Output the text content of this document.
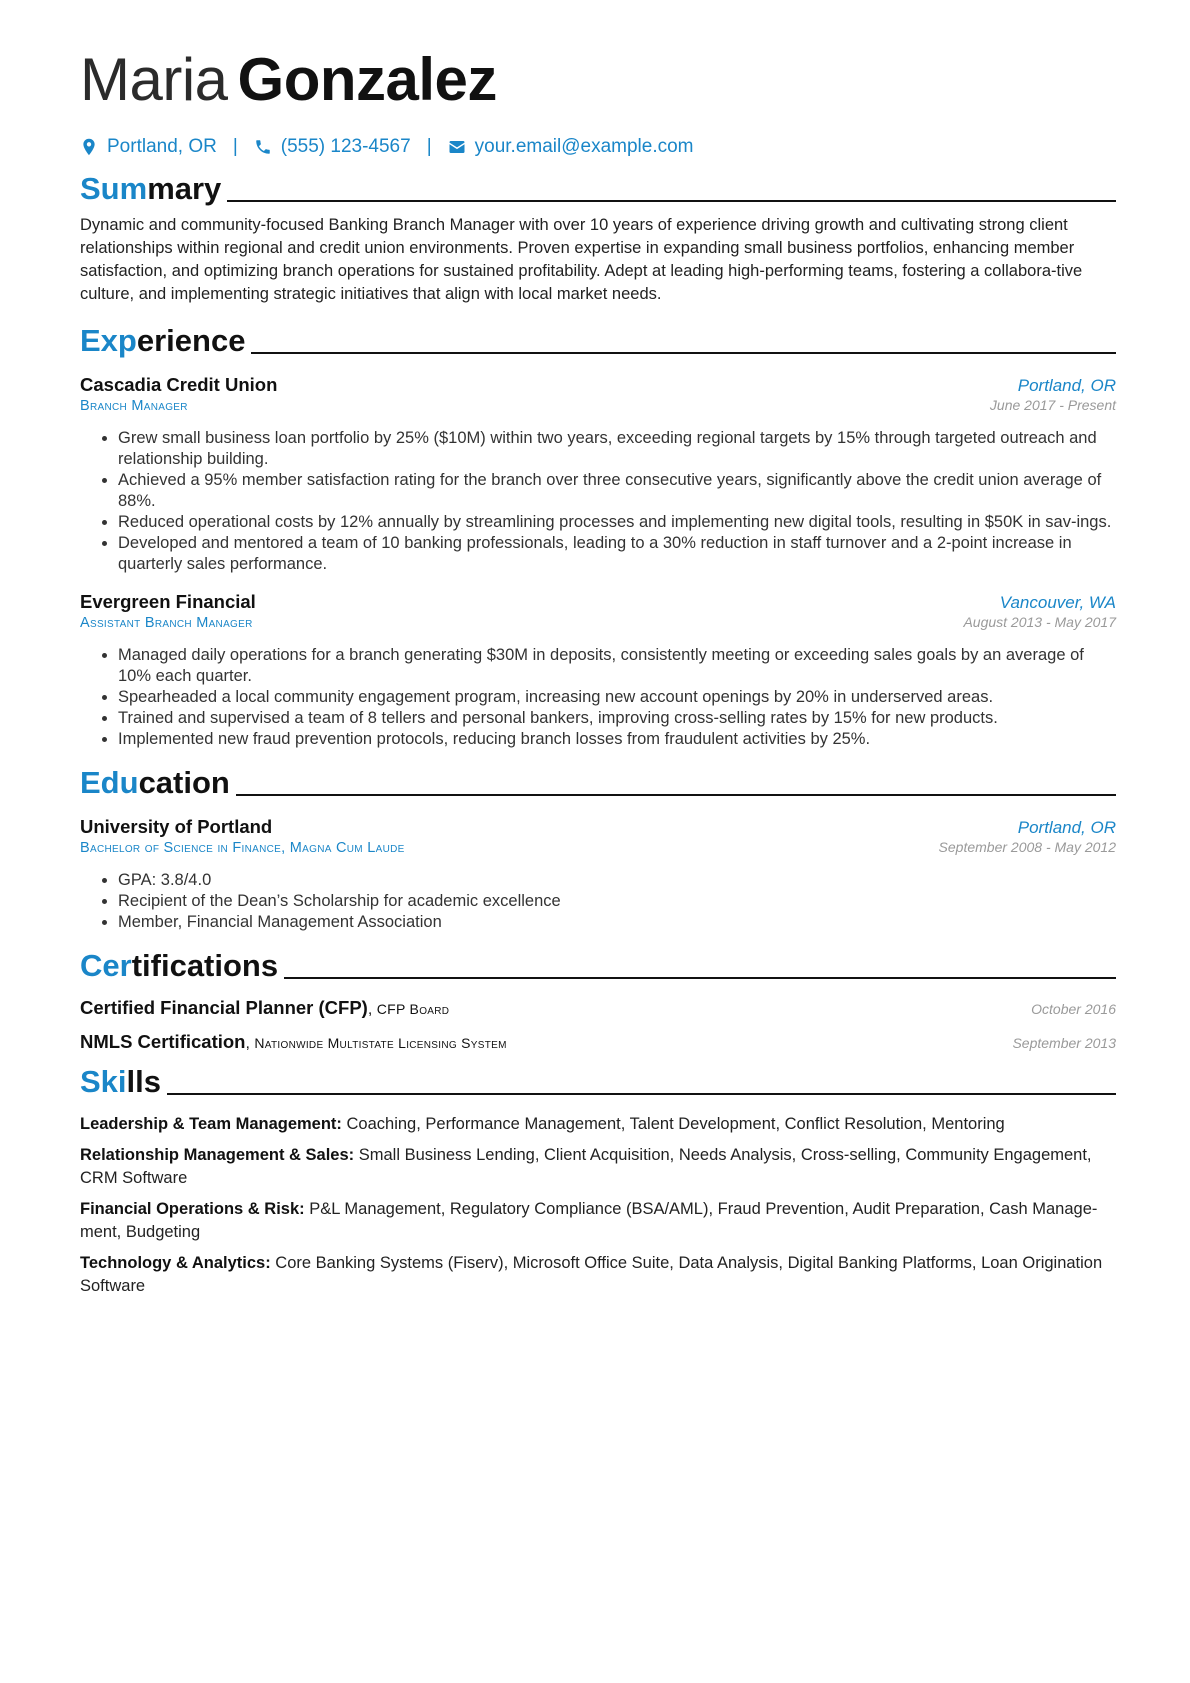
Maria Gonzalez
Portland, OR | (555) 123-4567 | your.email@example.com
Summary
Dynamic and community-focused Banking Branch Manager with over 10 years of experience driving growth and cultivating strong client relationships within regional and credit union environments. Proven expertise in expanding small business portfolios, enhancing member satisfaction, and optimizing branch operations for sustained profitability. Adept at leading high-performing teams, fostering a collabora-tive culture, and implementing strategic initiatives that align with local market needs.
Experience
Cascadia Credit Union	Portland, OR
Branch Manager	June 2017 - Present
• Grew small business loan portfolio by 25% ($10M) within two years, exceeding regional targets by 15% through targeted outreach and relationship building.
• Achieved a 95% member satisfaction rating for the branch over three consecutive years, significantly above the credit union average of 88%.
• Reduced operational costs by 12% annually by streamlining processes and implementing new digital tools, resulting in $50K in sav-ings.
• Developed and mentored a team of 10 banking professionals, leading to a 30% reduction in staff turnover and a 2-point increase in quarterly sales performance.
Evergreen Financial	Vancouver, WA
Assistant Branch Manager	August 2013 - May 2017
• Managed daily operations for a branch generating $30M in deposits, consistently meeting or exceeding sales goals by an average of 10% each quarter.
• Spearheaded a local community engagement program, increasing new account openings by 20% in underserved areas.
• Trained and supervised a team of 8 tellers and personal bankers, improving cross-selling rates by 15% for new products.
• Implemented new fraud prevention protocols, reducing branch losses from fraudulent activities by 25%.
Education
University of Portland	Portland, OR
Bachelor of Science in Finance, Magna Cum Laude	September 2008 - May 2012
• GPA: 3.8/4.0
• Recipient of the Dean’s Scholarship for academic excellence
• Member, Financial Management Association
Certifications
Certified Financial Planner (CFP), CFP Board	October 2016
NMLS Certification, Nationwide Multistate Licensing System	September 2013
Skills
Leadership & Team Management: Coaching, Performance Management, Talent Development, Conflict Resolution, Mentoring
Relationship Management & Sales: Small Business Lending, Client Acquisition, Needs Analysis, Cross-selling, Community Engagement, CRM Software
Financial Operations & Risk: P&L Management, Regulatory Compliance (BSA/AML), Fraud Prevention, Audit Preparation, Cash Manage-ment, Budgeting
Technology & Analytics: Core Banking Systems (Fiserv), Microsoft Office Suite, Data Analysis, Digital Banking Platforms, Loan Origination Software
